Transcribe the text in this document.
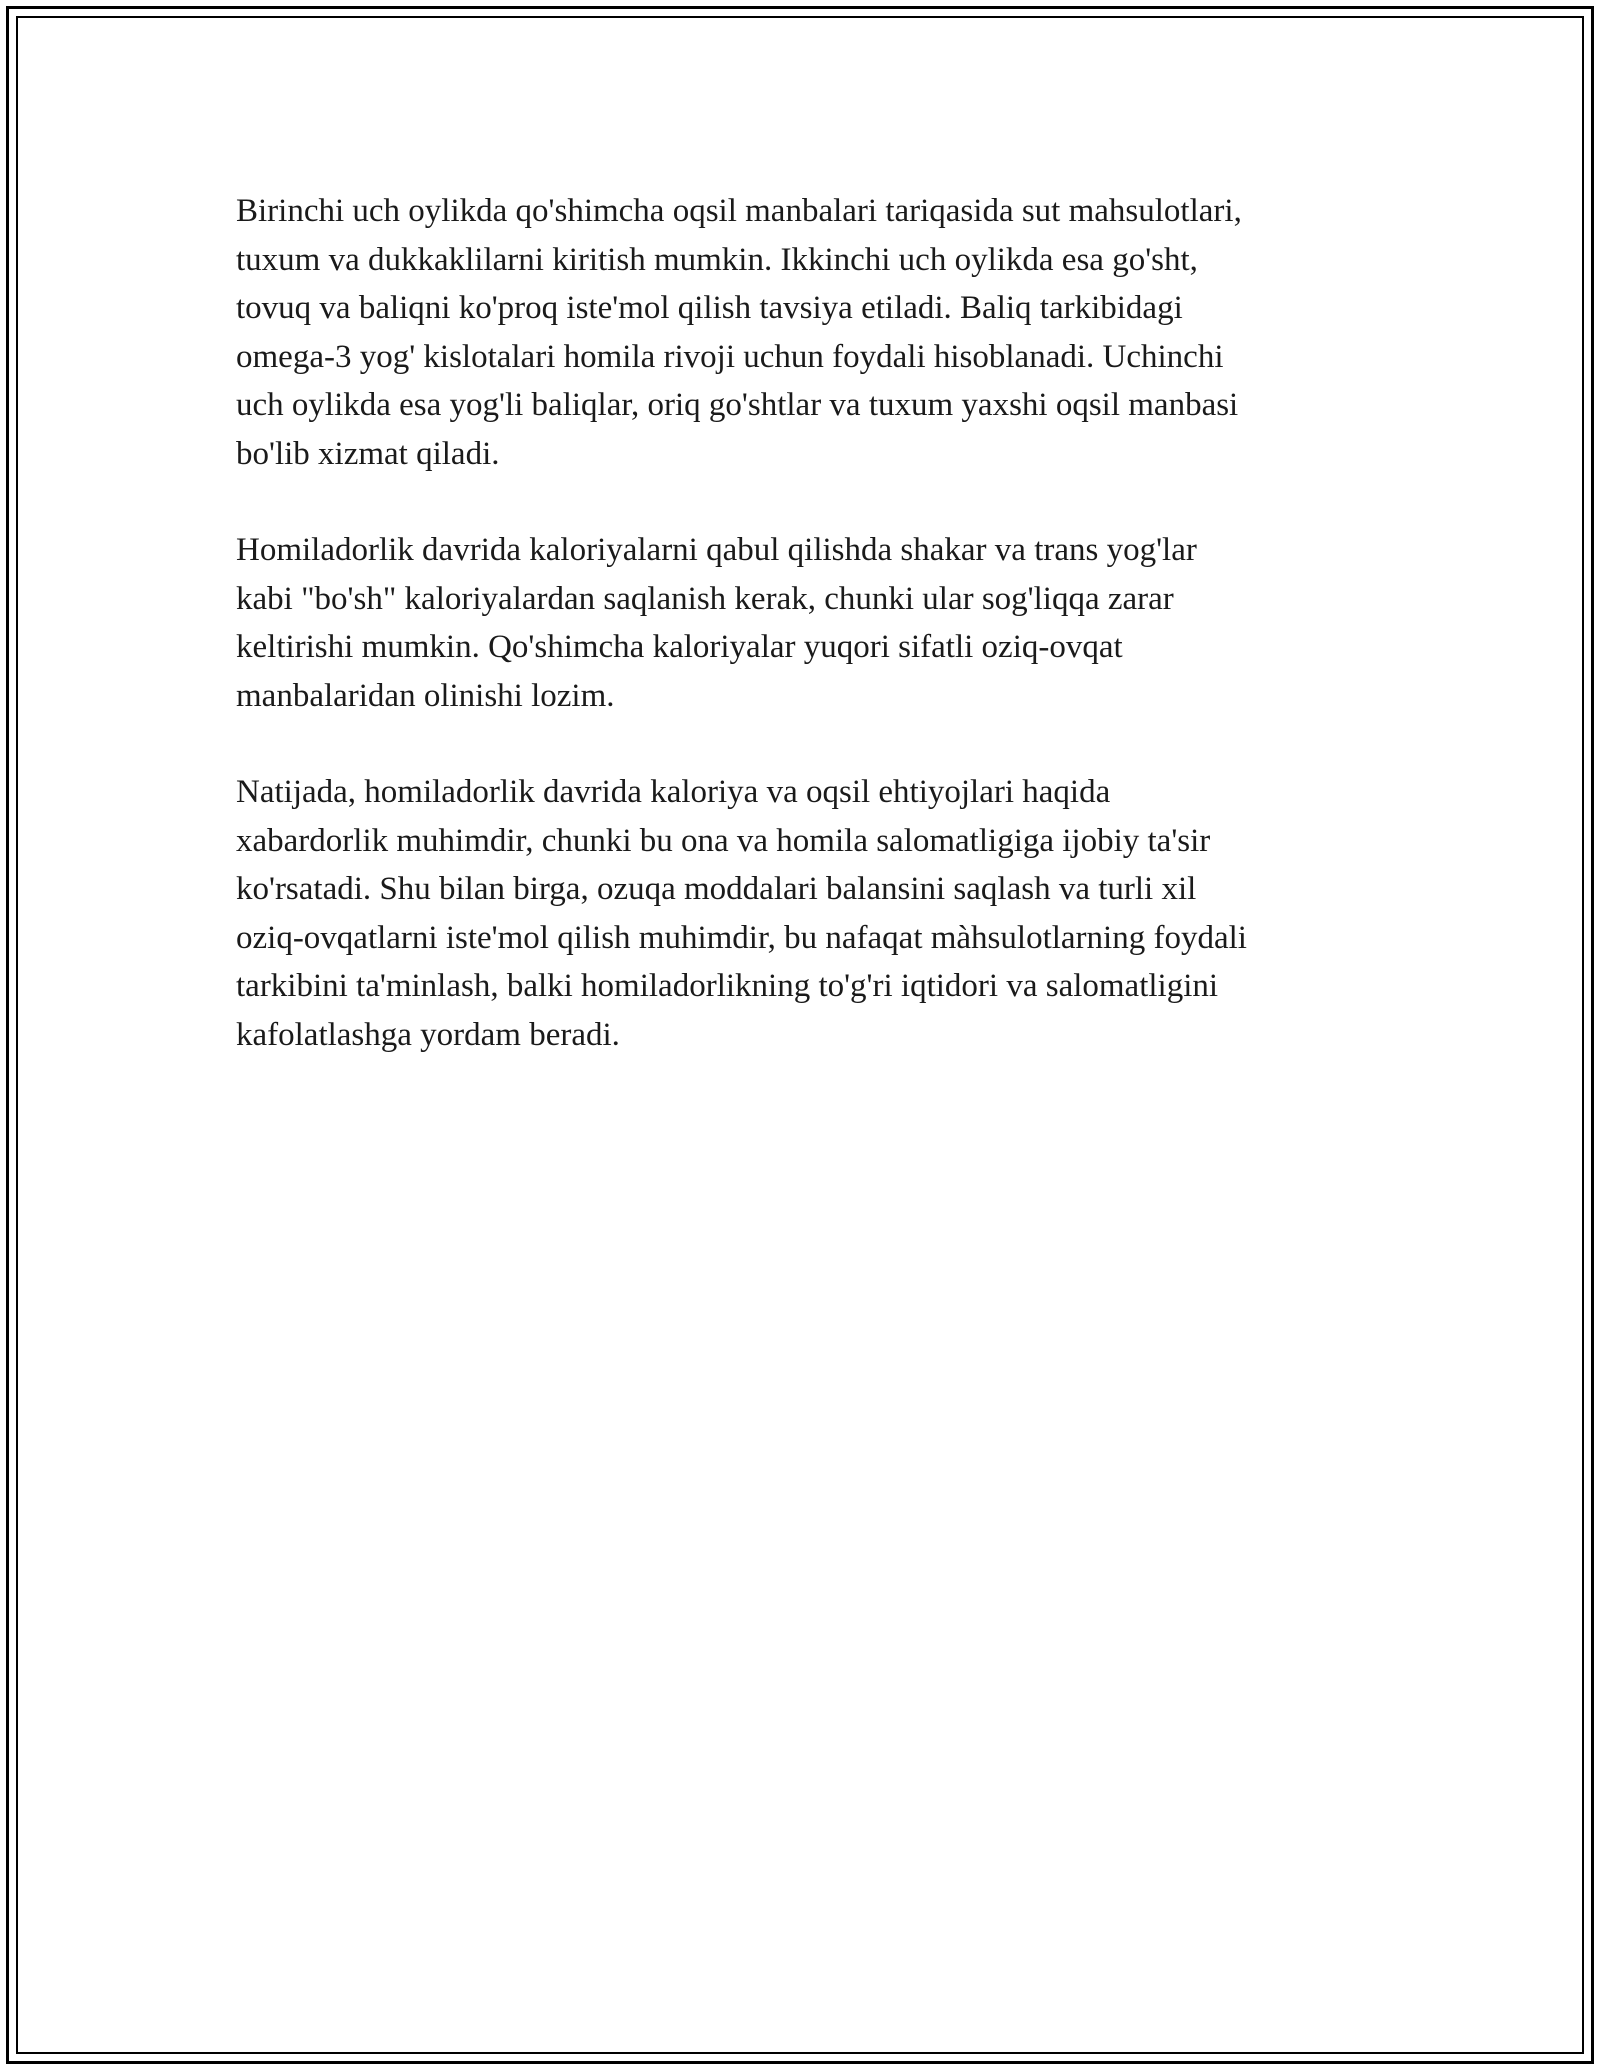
Birinchi uch oylikda qo'shimcha oqsil manbalari tariqasida sut mahsulotlari,
tuxum va dukkaklilarni kiritish mumkin. Ikkinchi uch oylikda esa go'sht,
tovuq va baliqni ko'proq iste'mol qilish tavsiya etiladi. Baliq tarkibidagi
omega-3 yog' kislotalari homila rivoji uchun foydali hisoblanadi. Uchinchi
uch oylikda esa yog'li baliqlar, oriq go'shtlar va tuxum yaxshi oqsil manbasi
bo'lib xizmat qiladi.

Homiladorlik davrida kaloriyalarni qabul qilishda shakar va trans yog'lar
kabi "bo'sh" kaloriyalardan saqlanish kerak, chunki ular sog'liqqa zarar
keltirishi mumkin. Qo'shimcha kaloriyalar yuqori sifatli oziq-ovqat
manbalaridan olinishi lozim.

Natijada, homiladorlik davrida kaloriya va oqsil ehtiyojlari haqida
xabardorlik muhimdir, chunki bu ona va homila salomatligiga ijobiy ta'sir
ko'rsatadi. Shu bilan birga, ozuqa moddalari balansini saqlash va turli xil
oziq-ovqatlarni iste'mol qilish muhimdir, bu nafaqat màhsulotlarning foydali
tarkibini ta'minlash, balki homiladorlikning to'g'ri iqtidori va salomatligini
kafolatlashga yordam beradi.
